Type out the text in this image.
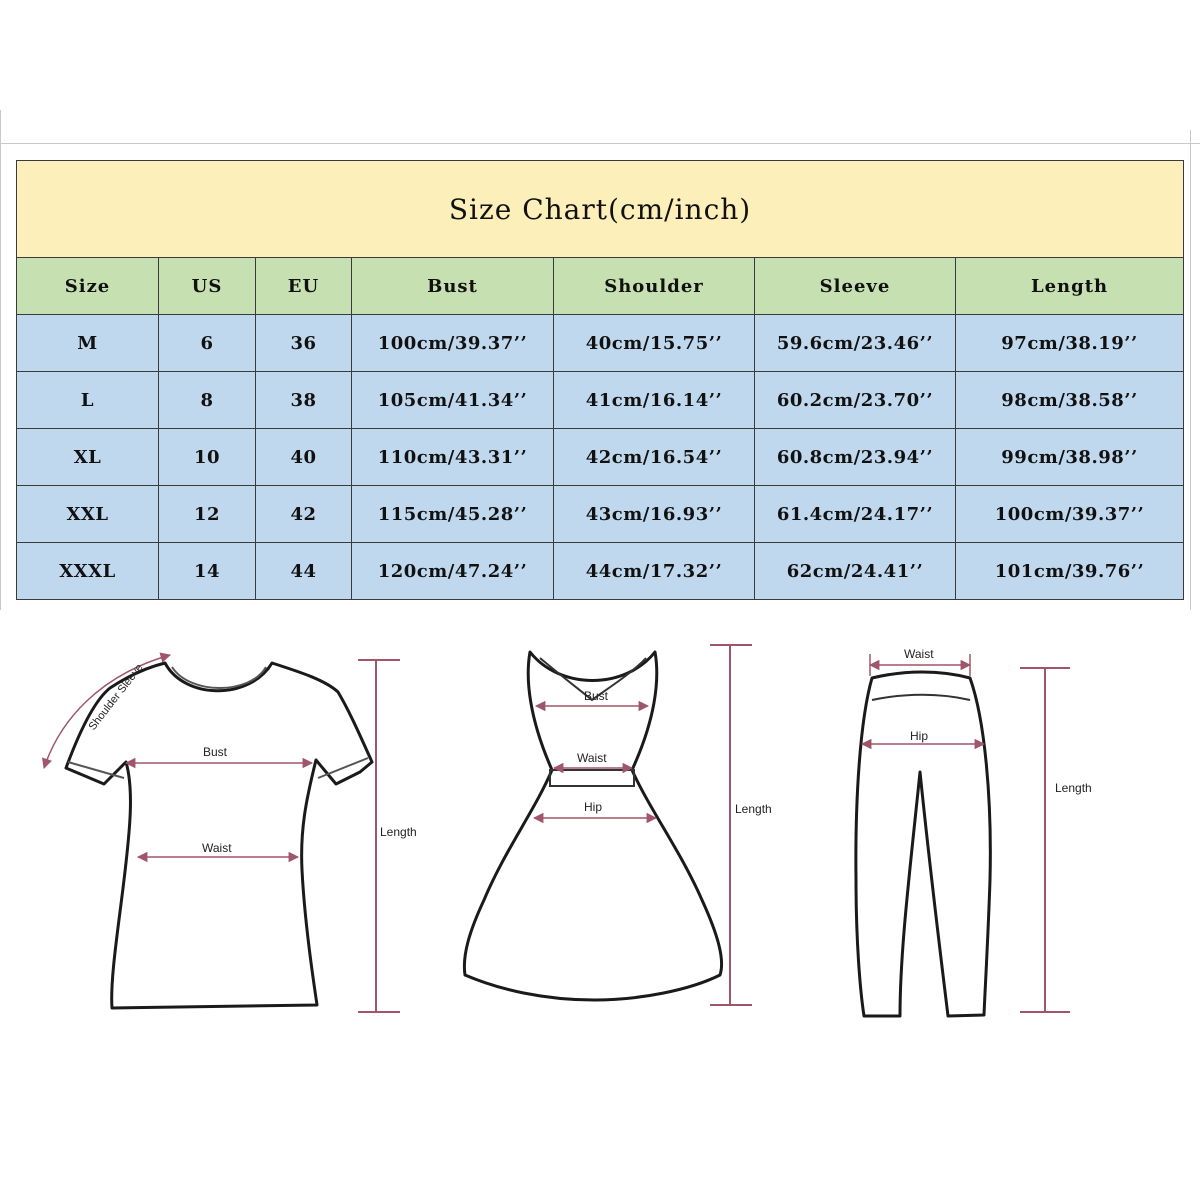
Size Chart(cm/inch)						
Size	US	EU	Bust	Shoulder	Sleeve	Length
M	6	36	100cm/39.37’’	40cm/15.75’’	59.6cm/23.46’’	97cm/38.19’’
L	8	38	105cm/41.34’’	41cm/16.14’’	60.2cm/23.70’’	98cm/38.58’’
XL	10	40	110cm/43.31’’	42cm/16.54’’	60.8cm/23.94’’	99cm/38.98’’
XXL	12	42	115cm/45.28’’	43cm/16.93’’	61.4cm/24.17’’	100cm/39.37’’
XXXL	14	44	120cm/47.24’’	44cm/17.32’’	62cm/24.41’’	101cm/39.76’’
Shoulder Sleeve
Bust
Waist
Length
Bust
Waist
Hip	Length
Waist
Hip
Length
